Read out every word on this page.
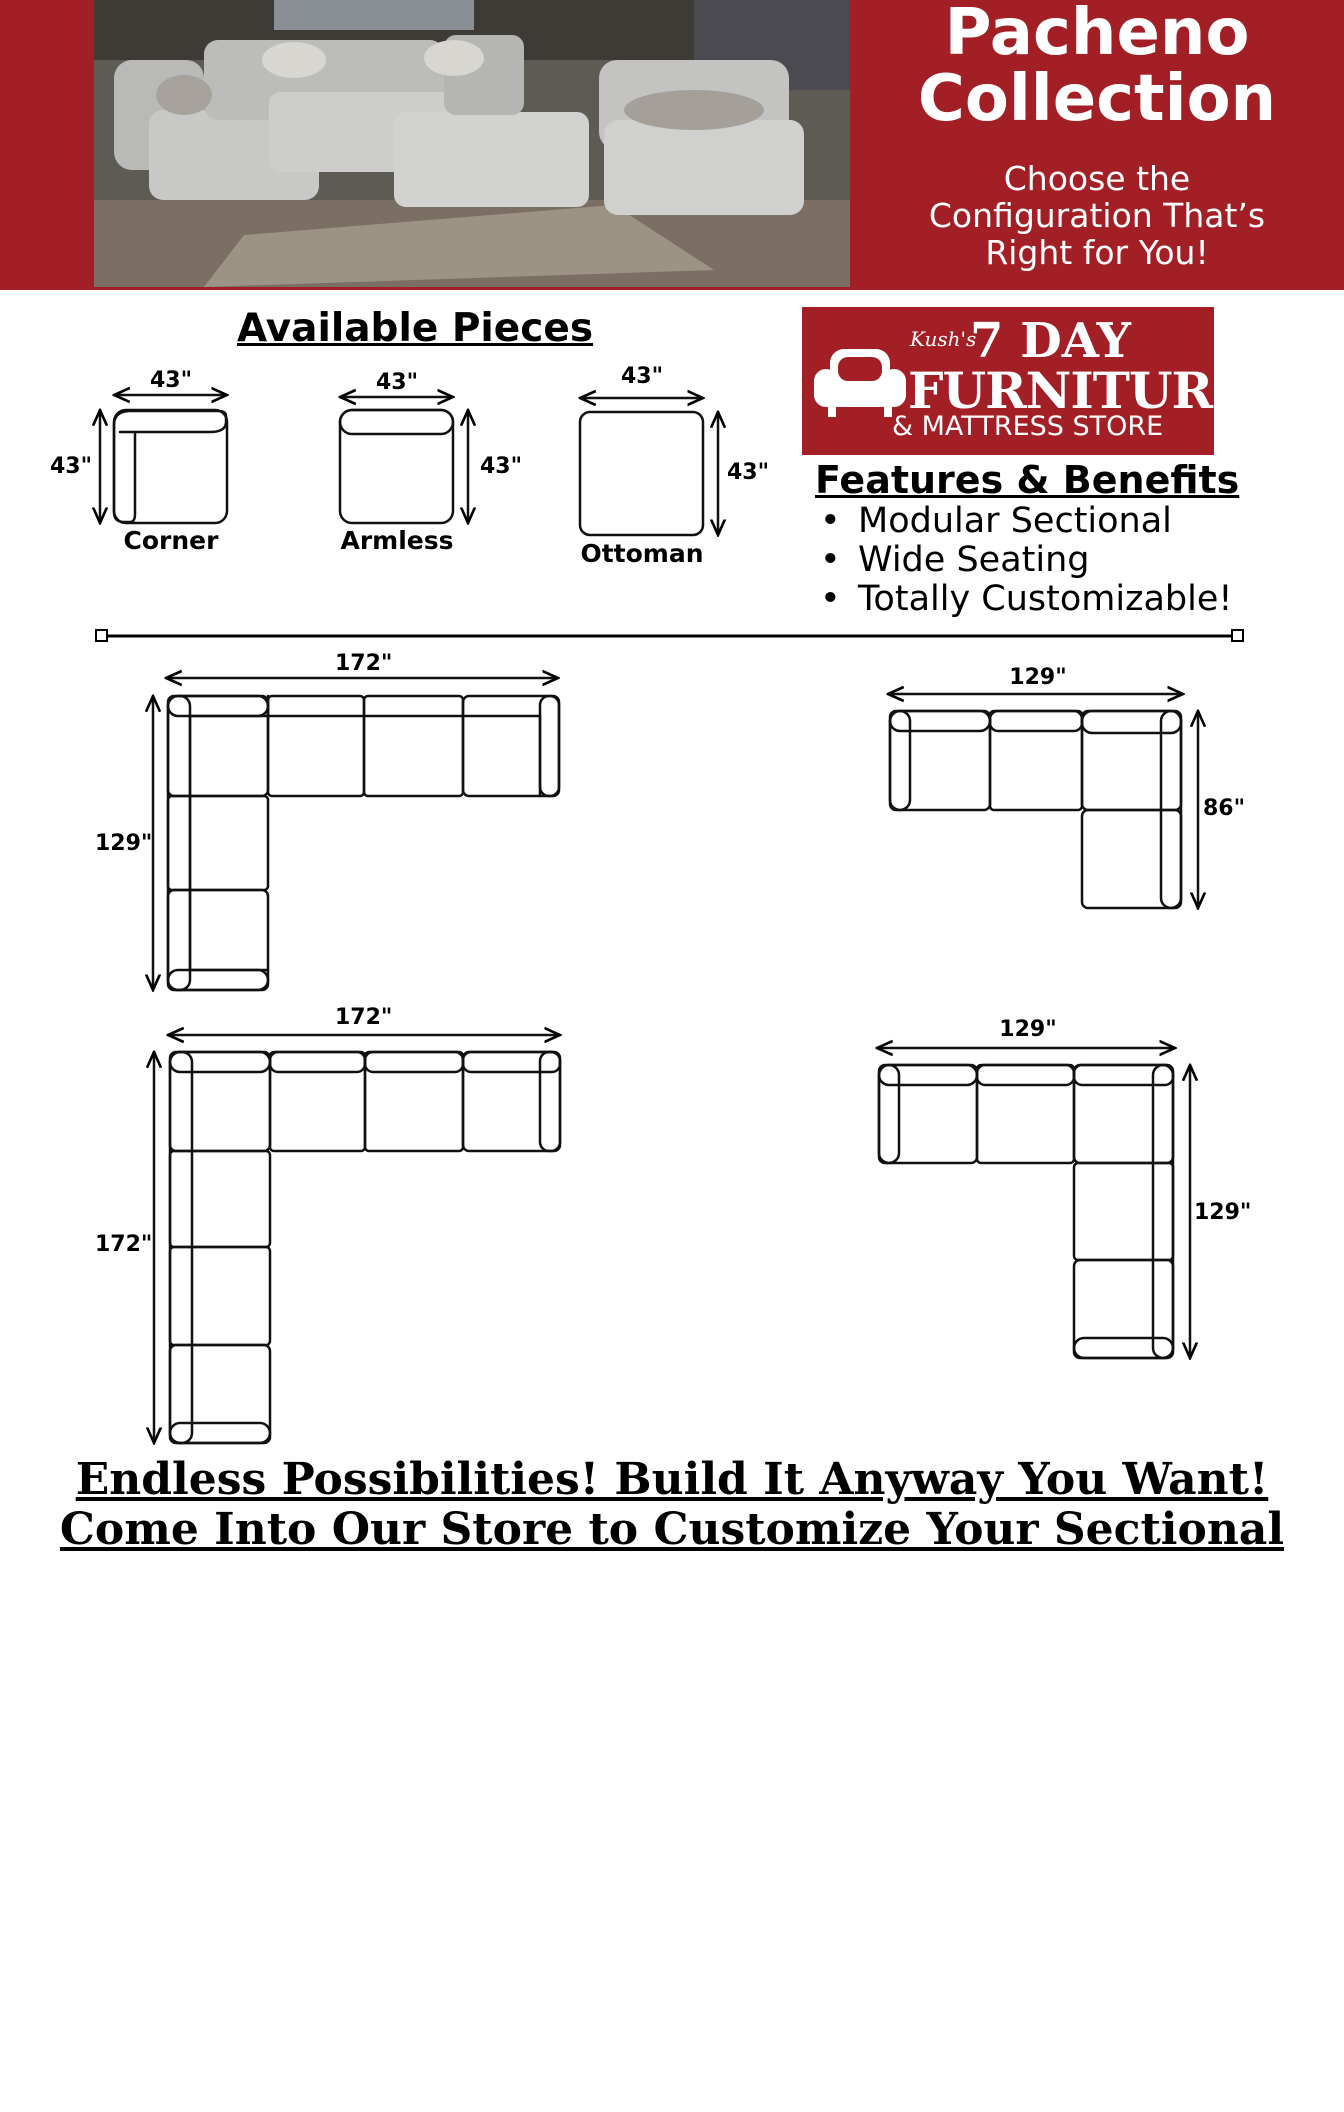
Pacheno
Collection
Choose the
Configuration That’s
Right for You!
Available Pieces
43"
43"
Corner
43"
43"
Armless
43"
43"
Ottoman
172"
129"
129"
86"
172"
172"
129"
129"
Kush's
7 DAY
FURNITURE
& MATTRESS STORE
Features & Benefits
• Modular Sectional
• Wide Seating
• Totally Customizable!
Endless Possibilities! Build It Anyway You Want!
Come Into Our Store to Customize Your Sectional
